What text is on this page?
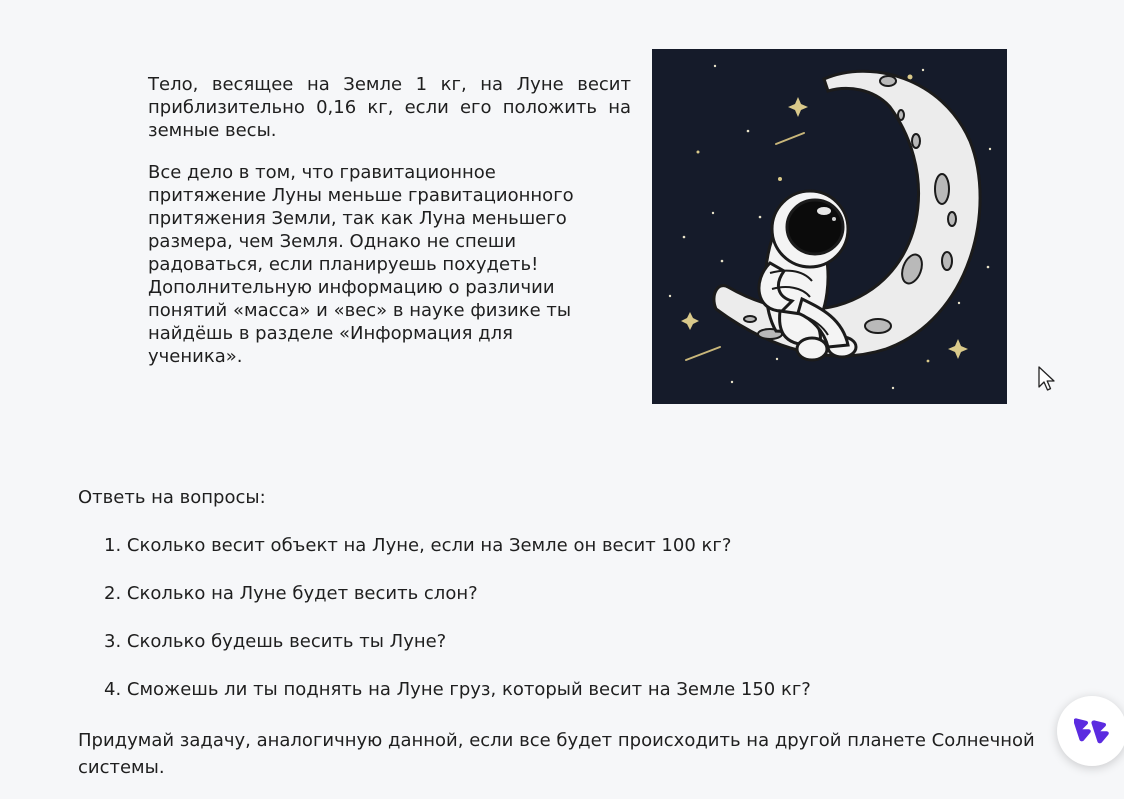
Тело, весящее на Земле 1 кг, на Луне весит приблизительно 0,16 кг, если его положить на земные весы.

Все дело в том, что гравитационное притяжение Луны меньше гравитационного притяжения Земли, так как Луна меньшего размера, чем Земля. Однако не спеши радоваться, если планируешь похудеть! Дополнительную информацию о различии понятий «масса» и «вес» в науке физике ты найдёшь в разделе «Информация для ученика».

Ответь на вопросы:

1. Сколько весит объект на Луне, если на Земле он весит 100 кг?
2. Сколько на Луне будет весить слон?
3. Сколько будешь весить ты Луне?
4. Сможешь ли ты поднять на Луне груз, который весит на Земле 150 кг?

Придумай задачу, аналогичную данной, если все будет происходить на другой планете Солнечной системы.
